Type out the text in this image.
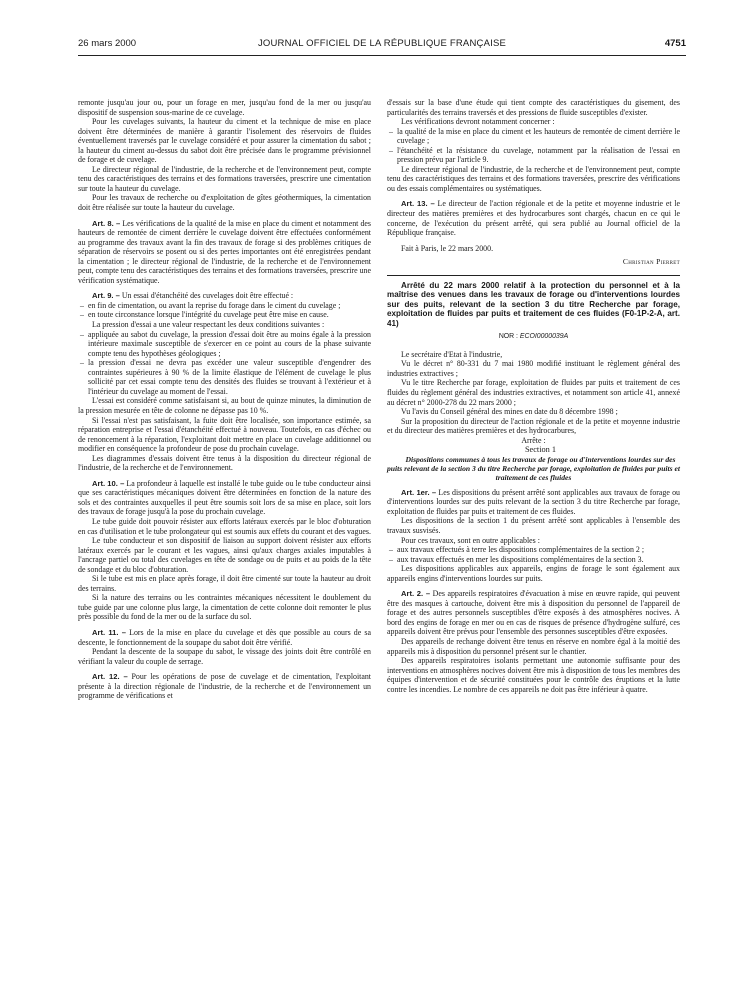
26 mars 2000	JOURNAL OFFICIEL DE LA RÉPUBLIQUE FRANÇAISE	4751

remonte jusqu'au jour ou, pour un forage en mer, jusqu'au fond de la mer ou jusqu'au dispositif de suspension sous-marine de ce cuvelage.

Pour les cuvelages suivants, la hauteur du ciment et la technique de mise en place doivent être déterminées de manière à garantir l'isolement des réservoirs de fluides éventuellement traversés par le cuvelage considéré et pour assurer la cimentation du sabot ; la hauteur du ciment au-dessus du sabot doit être précisée dans le programme prévisionnel de forage et de cuvelage.

Le directeur régional de l'industrie, de la recherche et de l'environnement peut, compte tenu des caractéristiques des terrains et des formations traversées, prescrire une cimentation sur toute la hauteur du cuvelage.

Pour les travaux de recherche ou d'exploitation de gîtes géothermiques, la cimentation doit être réalisée sur toute la hauteur du cuvelage.

Art. 8. – Les vérifications de la qualité de la mise en place du ciment et notamment des hauteurs de remontée de ciment derrière le cuvelage doivent être effectuées conformément au programme des travaux avant la fin des travaux de forage si des problèmes critiques de séparation de réservoirs se posent ou si des pertes importantes ont été enregistrées pendant la cimentation ; le directeur régional de l'industrie, de la recherche et de l'environnement peut, compte tenu des caractéristiques des terrains et des formations traversées, prescrire une vérification systématique.

Art. 9. – Un essai d'étanchéité des cuvelages doit être effectué :

– en fin de cimentation, ou avant la reprise du forage dans le ciment du cuvelage ;
– en toute circonstance lorsque l'intégrité du cuvelage peut être mise en cause.

La pression d'essai a une valeur respectant les deux conditions suivantes :

– appliquée au sabot du cuvelage, la pression d'essai doit être au moins égale à la pression intérieure maximale susceptible de s'exercer en ce point au cours de la phase suivante compte tenu des hypothèses géologiques ;
– la pression d'essai ne devra pas excéder une valeur susceptible d'engendrer des contraintes supérieures à 90 % de la limite élastique de l'élément de cuvelage le plus sollicité par cet essai compte tenu des densités des fluides se trouvant à l'extérieur et à l'intérieur du cuvelage au moment de l'essai.

L'essai est considéré comme satisfaisant si, au bout de quinze minutes, la diminution de la pression mesurée en tête de colonne ne dépasse pas 10 %.

Si l'essai n'est pas satisfaisant, la fuite doit être localisée, son importance estimée, sa réparation entreprise et l'essai d'étanchéité effectué à nouveau. Toutefois, en cas d'échec ou de renoncement à la réparation, l'exploitant doit mettre en place un cuvelage additionnel ou modifier en conséquence la profondeur de pose du prochain cuvelage.

Les diagrammes d'essais doivent être tenus à la disposition du directeur régional de l'industrie, de la recherche et de l'environnement.

Art. 10. – La profondeur à laquelle est installé le tube guide ou le tube conducteur ainsi que ses caractéristiques mécaniques doivent être déterminées en fonction de la nature des sols et des contraintes auxquelles il peut être soumis soit lors de sa mise en place, soit lors des travaux de forage jusqu'à la pose du prochain cuvelage.

Le tube guide doit pouvoir résister aux efforts latéraux exercés par le bloc d'obturation en cas d'utilisation et le tube prolongateur qui est soumis aux effets du courant et des vagues.

Le tube conducteur et son dispositif de liaison au support doivent résister aux efforts latéraux exercés par le courant et les vagues, ainsi qu'aux charges axiales imputables à l'ancrage partiel ou total des cuvelages en tête de sondage ou de puits et au poids de la tête de sondage et du bloc d'obturation.

Si le tube est mis en place après forage, il doit être cimenté sur toute la hauteur au droit des terrains.

Si la nature des terrains ou les contraintes mécaniques nécessitent le doublement du tube guide par une colonne plus large, la cimentation de cette colonne doit remonter le plus près possible du fond de la mer ou de la surface du sol.

Art. 11. – Lors de la mise en place du cuvelage et dès que possible au cours de sa descente, le fonctionnement de la soupape du sabot doit être vérifié.

Pendant la descente de la soupape du sabot, le vissage des joints doit être contrôlé en vérifiant la valeur du couple de serrage.

Art. 12. – Pour les opérations de pose de cuvelage et de cimentation, l'exploitant présente à la direction régionale de l'industrie, de la recherche et de l'environnement un programme de vérifications et

d'essais sur la base d'une étude qui tient compte des caractéristiques du gisement, des particularités des terrains traversés et des pressions de fluide susceptibles d'exister.

Les vérifications devront notamment concerner :

– la qualité de la mise en place du ciment et les hauteurs de remontée de ciment derrière le cuvelage ;
– l'étanchéité et la résistance du cuvelage, notamment par la réalisation de l'essai en pression prévu par l'article 9.

Le directeur régional de l'industrie, de la recherche et de l'environnement peut, compte tenu des caractéristiques des terrains et des formations traversées, prescrire des vérifications ou des essais complémentaires ou systématiques.

Art. 13. – Le directeur de l'action régionale et de la petite et moyenne industrie et le directeur des matières premières et des hydrocarbures sont chargés, chacun en ce qui le concerne, de l'exécution du présent arrêté, qui sera publié au Journal officiel de la République française.

Fait à Paris, le 22 mars 2000.

Christian Pierret

Arrêté du 22 mars 2000 relatif à la protection du personnel et à la maîtrise des venues dans les travaux de forage ou d'interventions lourdes sur des puits, relevant de la section 3 du titre Recherche par forage, exploitation de fluides par puits et traitement de ces fluides (F0-1P-2-A, art. 41)

NOR : ECOI0000039A

Le secrétaire d'Etat à l'industrie,

Vu le décret n° 80-331 du 7 mai 1980 modifié instituant le règlement général des industries extractives ;

Vu le titre Recherche par forage, exploitation de fluides par puits et traitement de ces fluides du règlement général des industries extractives, et notamment son article 41, annexé au décret n° 2000-278 du 22 mars 2000 ;

Vu l'avis du Conseil général des mines en date du 8 décembre 1998 ;

Sur la proposition du directeur de l'action régionale et de la petite et moyenne industrie et du directeur des matières premières et des hydrocarbures,

Arrête :

Section 1

Dispositions communes à tous les travaux de forage ou d'interventions lourdes sur des puits relevant de la section 3 du titre Recherche par forage, exploitation de fluides par puits et traitement de ces fluides

Art. 1er. – Les dispositions du présent arrêté sont applicables aux travaux de forage ou d'interventions lourdes sur des puits relevant de la section 3 du titre Recherche par forage, exploitation de fluides par puits et traitement de ces fluides.

Les dispositions de la section 1 du présent arrêté sont applicables à l'ensemble des travaux susvisés.

Pour ces travaux, sont en outre applicables :

– aux travaux effectués à terre les dispositions complémentaires de la section 2 ;
– aux travaux effectués en mer les dispositions complémentaires de la section 3.

Les dispositions applicables aux appareils, engins de forage le sont également aux appareils engins d'interventions lourdes sur puits.

Art. 2. – Des appareils respiratoires d'évacuation à mise en œuvre rapide, qui peuvent être des masques à cartouche, doivent être mis à disposition du personnel de l'appareil de forage et des autres personnels susceptibles d'être exposés à des atmosphères nocives. A bord des engins de forage en mer ou en cas de risques de présence d'hydrogène sulfuré, ces appareils doivent être prévus pour l'ensemble des personnes susceptibles d'être exposées.

Des appareils de rechange doivent être tenus en réserve en nombre égal à la moitié des appareils mis à disposition du personnel présent sur le chantier.

Des appareils respiratoires isolants permettant une autonomie suffisante pour des interventions en atmosphères nocives doivent être mis à disposition de tous les membres des équipes d'intervention et de sécurité constituées pour le contrôle des éruptions et la lutte contre les incendies. Le nombre de ces appareils ne doit pas être inférieur à quatre.
